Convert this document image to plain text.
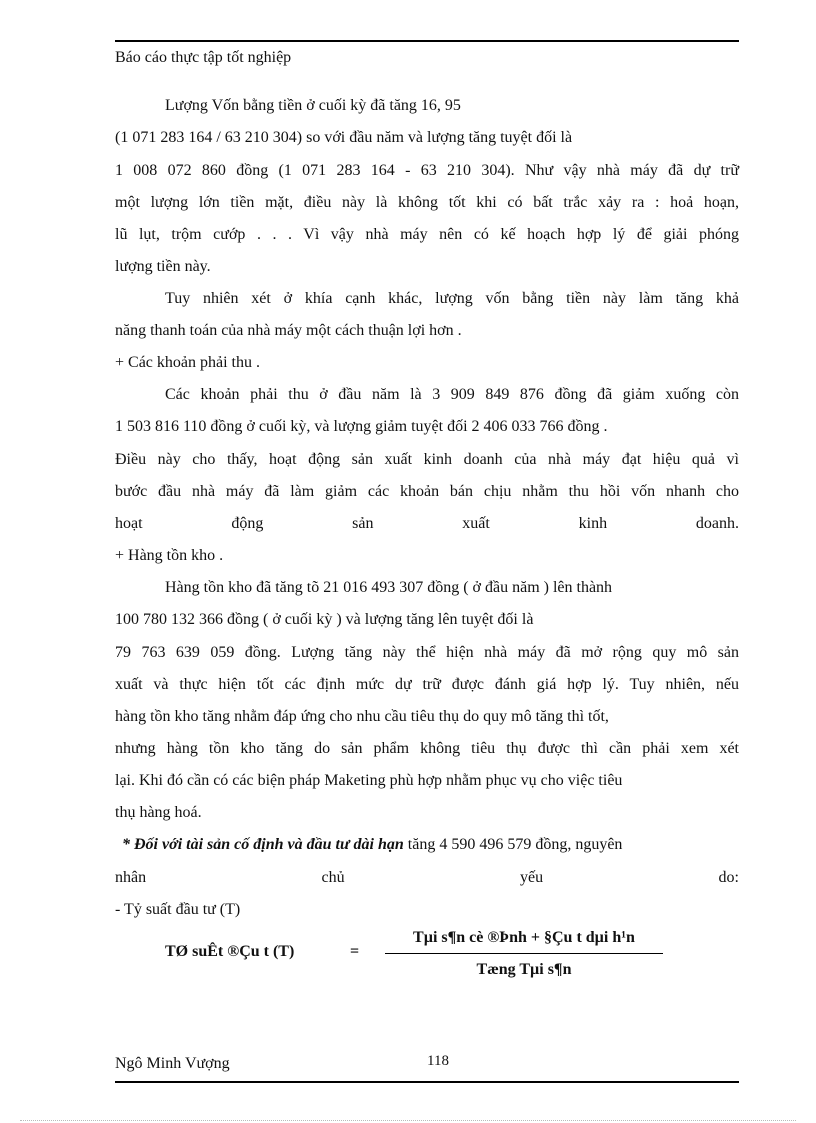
Báo cáo thực tập tốt nghiệp
Lượng Vốn bằng tiền ở cuối kỳ đã tăng 16, 95
(1 071 283 164 / 63 210 304) so với đầu năm và lượng tăng tuyệt đối là
1 008 072 860 đồng (1 071 283 164 - 63 210 304). Như vậy nhà máy đã dự trữ
một lượng lớn tiền mặt, điều này là không tốt khi có bất trắc xảy ra : hoả hoạn,
lũ lụt, trộm cướp . . . Vì vậy nhà máy nên có kế hoạch hợp lý để giải phóng
lượng tiền này.
Tuy nhiên xét ở khía cạnh khác, lượng vốn bằng tiền này làm tăng khả
năng thanh toán của nhà máy một cách thuận lợi hơn .
+ Các khoản phải thu .
Các khoản phải thu ở đầu năm là 3 909 849 876 đồng đã giảm xuống còn
1 503 816 110 đồng ở cuối kỳ, và lượng giảm tuyệt đối 2 406 033 766 đồng .
Điều này cho thấy, hoạt động sản xuất kinh doanh của nhà máy đạt hiệu quả vì
bước đầu nhà máy đã làm giảm các khoản bán chịu nhằm thu hồi vốn nhanh cho
hoạt động sản xuất kinh doanh.
+ Hàng tồn kho .
Hàng tồn kho đã tăng tõ 21 016 493 307 đồng ( ở đầu năm ) lên thành
100 780 132 366 đồng ( ở cuối kỳ ) và lượng tăng lên tuyệt đối là
79 763 639 059 đồng. Lượng tăng này thể hiện nhà máy đã mở rộng quy mô sản
xuất và thực hiện tốt các định mức dự trữ được đánh giá hợp lý. Tuy nhiên, nếu
hàng tồn kho tăng nhằm đáp ứng cho nhu cầu tiêu thụ do quy mô tăng thì tốt,
nhưng hàng tồn kho tăng do sản phẩm không tiêu thụ được thì cần phải xem xét
lại. Khi đó cần có các biện pháp Maketing phù hợp nhằm phục vụ cho việc tiêu
thụ hàng hoá.
* Đối với tài sản cố định và đầu tư dài hạn tăng 4 590 496 579 đồng, nguyên
nhân chủ yếu do:
- Tỷ suất đầu tư (T)
TØ suÊt ®Çu t (T)	=
Tµi s¶n cè ®Þnh + §Çu t dµi h¹n
Tæng Tµi s¶n
Ngô Minh Vượng	118
